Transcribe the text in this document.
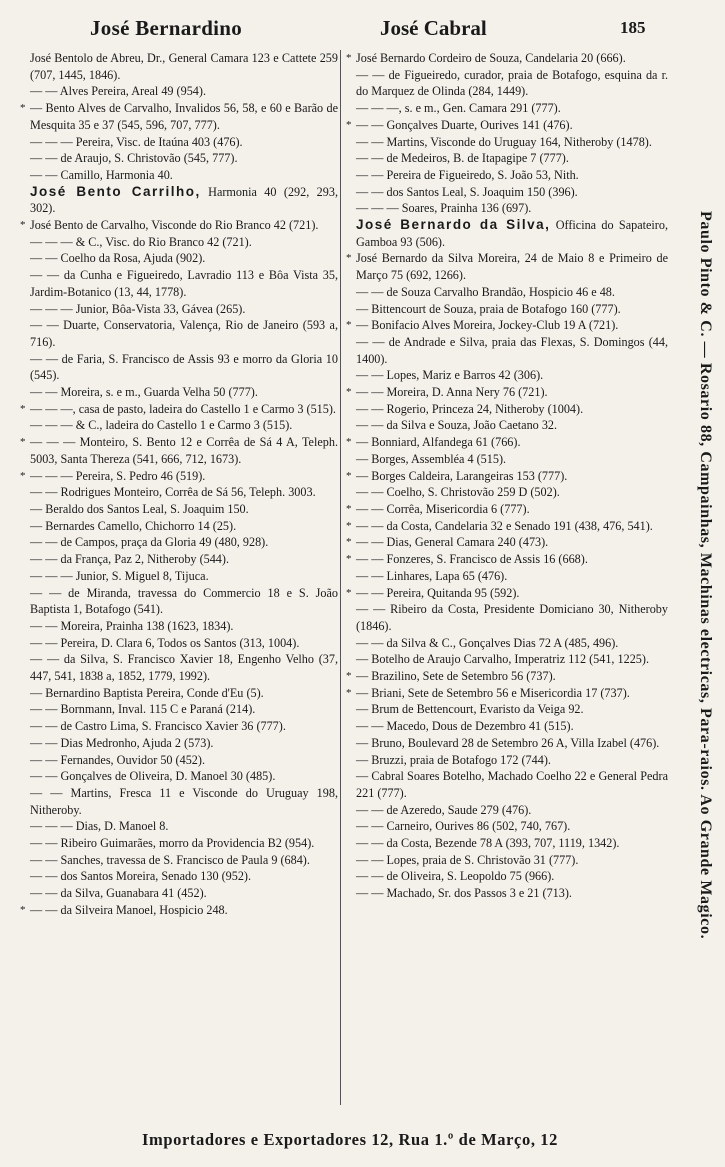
José Bernardino	José Cabral	185
José Bentolo de Abreu, Dr., General Camara 123 e Cattete 259 (707, 1445, 1846).
— — Alves Pereira, Areal 49 (954).
* — Bento Alves de Carvalho, Invalidos 56, 58, e 60 e Barão de Mesquita 35 e 37 (545, 596, 707, 777).
— — — Pereira, Visc. de Itaúna 403 (476).
— — de Araujo, S. Christovão (545, 777).
— — Camillo, Harmonia 40.
José Bento Carrilho, Harmonia 40 (292, 293, 302).
* José Bento de Carvalho, Visconde do Rio Branco 42 (721).
— — — & C., Visc. do Rio Branco 42 (721).
— — Coelho da Rosa, Ajuda (902).
— — da Cunha e Figueiredo, Lavradio 113 e Bôa Vista 35, Jardim-Botanico (13, 44, 1778).
— — — Junior, Bôa-Vista 33, Gávea (265).
— — Duarte, Conservatoria, Valença, Rio de Janeiro (593 a, 716).
— — de Faria, S. Francisco de Assis 93 e morro da Gloria 10 (545).
— — Moreira, s. e m., Guarda Velha 50 (777).
* — — —, casa de pasto, ladeira do Castello 1 e Carmo 3 (515).
— — — & C., ladeira do Castello 1 e Carmo 3 (515).
* — — — Monteiro, S. Bento 12 e Corrêa de Sá 4 A, Teleph. 5003, Santa Thereza (541, 666, 712, 1673).
* — — — Pereira, S. Pedro 46 (519).
— — Rodrigues Monteiro, Corrêa de Sá 56, Teleph. 3003.
— Beraldo dos Santos Leal, S. Joaquim 150.
— Bernardes Camello, Chichorro 14 (25).
— — de Campos, praça da Gloria 49 (480, 928).
— — da França, Paz 2, Nitheroby (544).
— — — Junior, S. Miguel 8, Tijuca.
— — de Miranda, travessa do Commercio 18 e S. João Baptista 1, Botafogo (541).
— — Moreira, Prainha 138 (1623, 1834).
— — Pereira, D. Clara 6, Todos os Santos (313, 1004).
— — da Silva, S. Francisco Xavier 18, Engenho Velho (37, 447, 541, 1838 a, 1852, 1779, 1992).
— Bernardino Baptista Pereira, Conde d'Eu (5).
— — Bornmann, Inval. 115 C e Paraná (214).
— — de Castro Lima, S. Francisco Xavier 36 (777).
— — Dias Medronho, Ajuda 2 (573).
— — Fernandes, Ouvidor 50 (452).
— — Gonçalves de Oliveira, D. Manoel 30 (485).
— — Martins, Fresca 11 e Visconde do Uruguay 198, Nitheroby.
— — — Dias, D. Manoel 8.
— — Ribeiro Guimarães, morro da Providencia B2 (954).
— — Sanches, travessa de S. Francisco de Paula 9 (684).
— — dos Santos Moreira, Senado 130 (952).
— — da Silva, Guanabara 41 (452).
* — — da Silveira Manoel, Hospicio 248.
* José Bernardo Cordeiro de Souza, Candelaria 20 (666).
— — de Figueiredo, curador, praia de Botafogo, esquina da r. do Marquez de Olinda (284, 1449).
— — —, s. e m., Gen. Camara 291 (777).
* — — Gonçalves Duarte, Ourives 141 (476).
— — Martins, Visconde do Uruguay 164, Nitheroby (1478).
— — de Medeiros, B. de Itapagipe 7 (777).
— — Pereira de Figueiredo, S. João 53, Nith.
— — dos Santos Leal, S. Joaquim 150 (396).
— — — Soares, Prainha 136 (697).
José Bernardo da Silva, Officina do Sapateiro, Gamboa 93 (506).
* José Bernardo da Silva Moreira, 24 de Maio 8 e Primeiro de Março 75 (692, 1266).
— — de Souza Carvalho Brandão, Hospicio 46 e 48.
— Bittencourt de Souza, praia de Botafogo 160 (777).
* — Bonifacio Alves Moreira, Jockey-Club 19 A (721).
— — de Andrade e Silva, praia das Flexas, S. Domingos (44, 1400).
— — Lopes, Mariz e Barros 42 (306).
* — — Moreira, D. Anna Nery 76 (721).
— — Rogerio, Princeza 24, Nitheroby (1004).
— — da Silva e Souza, João Caetano 32.
* — Bonniard, Alfandega 61 (766).
— Borges, Assembléa 4 (515).
* — Borges Caldeira, Larangeiras 153 (777).
— — Coelho, S. Christovão 259 D (502).
* — — Corrêa, Misericordia 6 (777).
* — — da Costa, Candelaria 32 e Senado 191 (438, 476, 541).
* — — Dias, General Camara 240 (473).
* — — Fonzeres, S. Francisco de Assis 16 (668).
— — Linhares, Lapa 65 (476).
* — — Pereira, Quitanda 95 (592).
— — Ribeiro da Costa, Presidente Domiciano 30, Nitheroby (1846).
— — da Silva & C., Gonçalves Dias 72 A (485, 496).
— Botelho de Araujo Carvalho, Imperatriz 112 (541, 1225).
* — Brazilino, Sete de Setembro 56 (737).
* — Briani, Sete de Setembro 56 e Misericordia 17 (737).
— Brum de Bettencourt, Evaristo da Veiga 92.
— — Macedo, Dous de Dezembro 41 (515).
— Bruno, Boulevard 28 de Setembro 26 A, Villa Izabel (476).
— Bruzzi, praia de Botafogo 172 (744).
— Cabral Soares Botelho, Machado Coelho 22 e General Pedra 221 (777).
— — de Azeredo, Saude 279 (476).
— — Carneiro, Ourives 86 (502, 740, 767).
— — da Costa, Bezende 78 A (393, 707, 1119, 1342).
— — Lopes, praia de S. Christovão 31 (777).
— — de Oliveira, S. Leopoldo 75 (966).
— — Machado, Sr. dos Passos 3 e 21 (713).	Paulo Pinto & C. — Rosario 88, Campainhas, Machinas electricas, Para-raios. Ao Grande Magico.
Importadores e Exportadores 12, Rua 1.º de Março, 12
